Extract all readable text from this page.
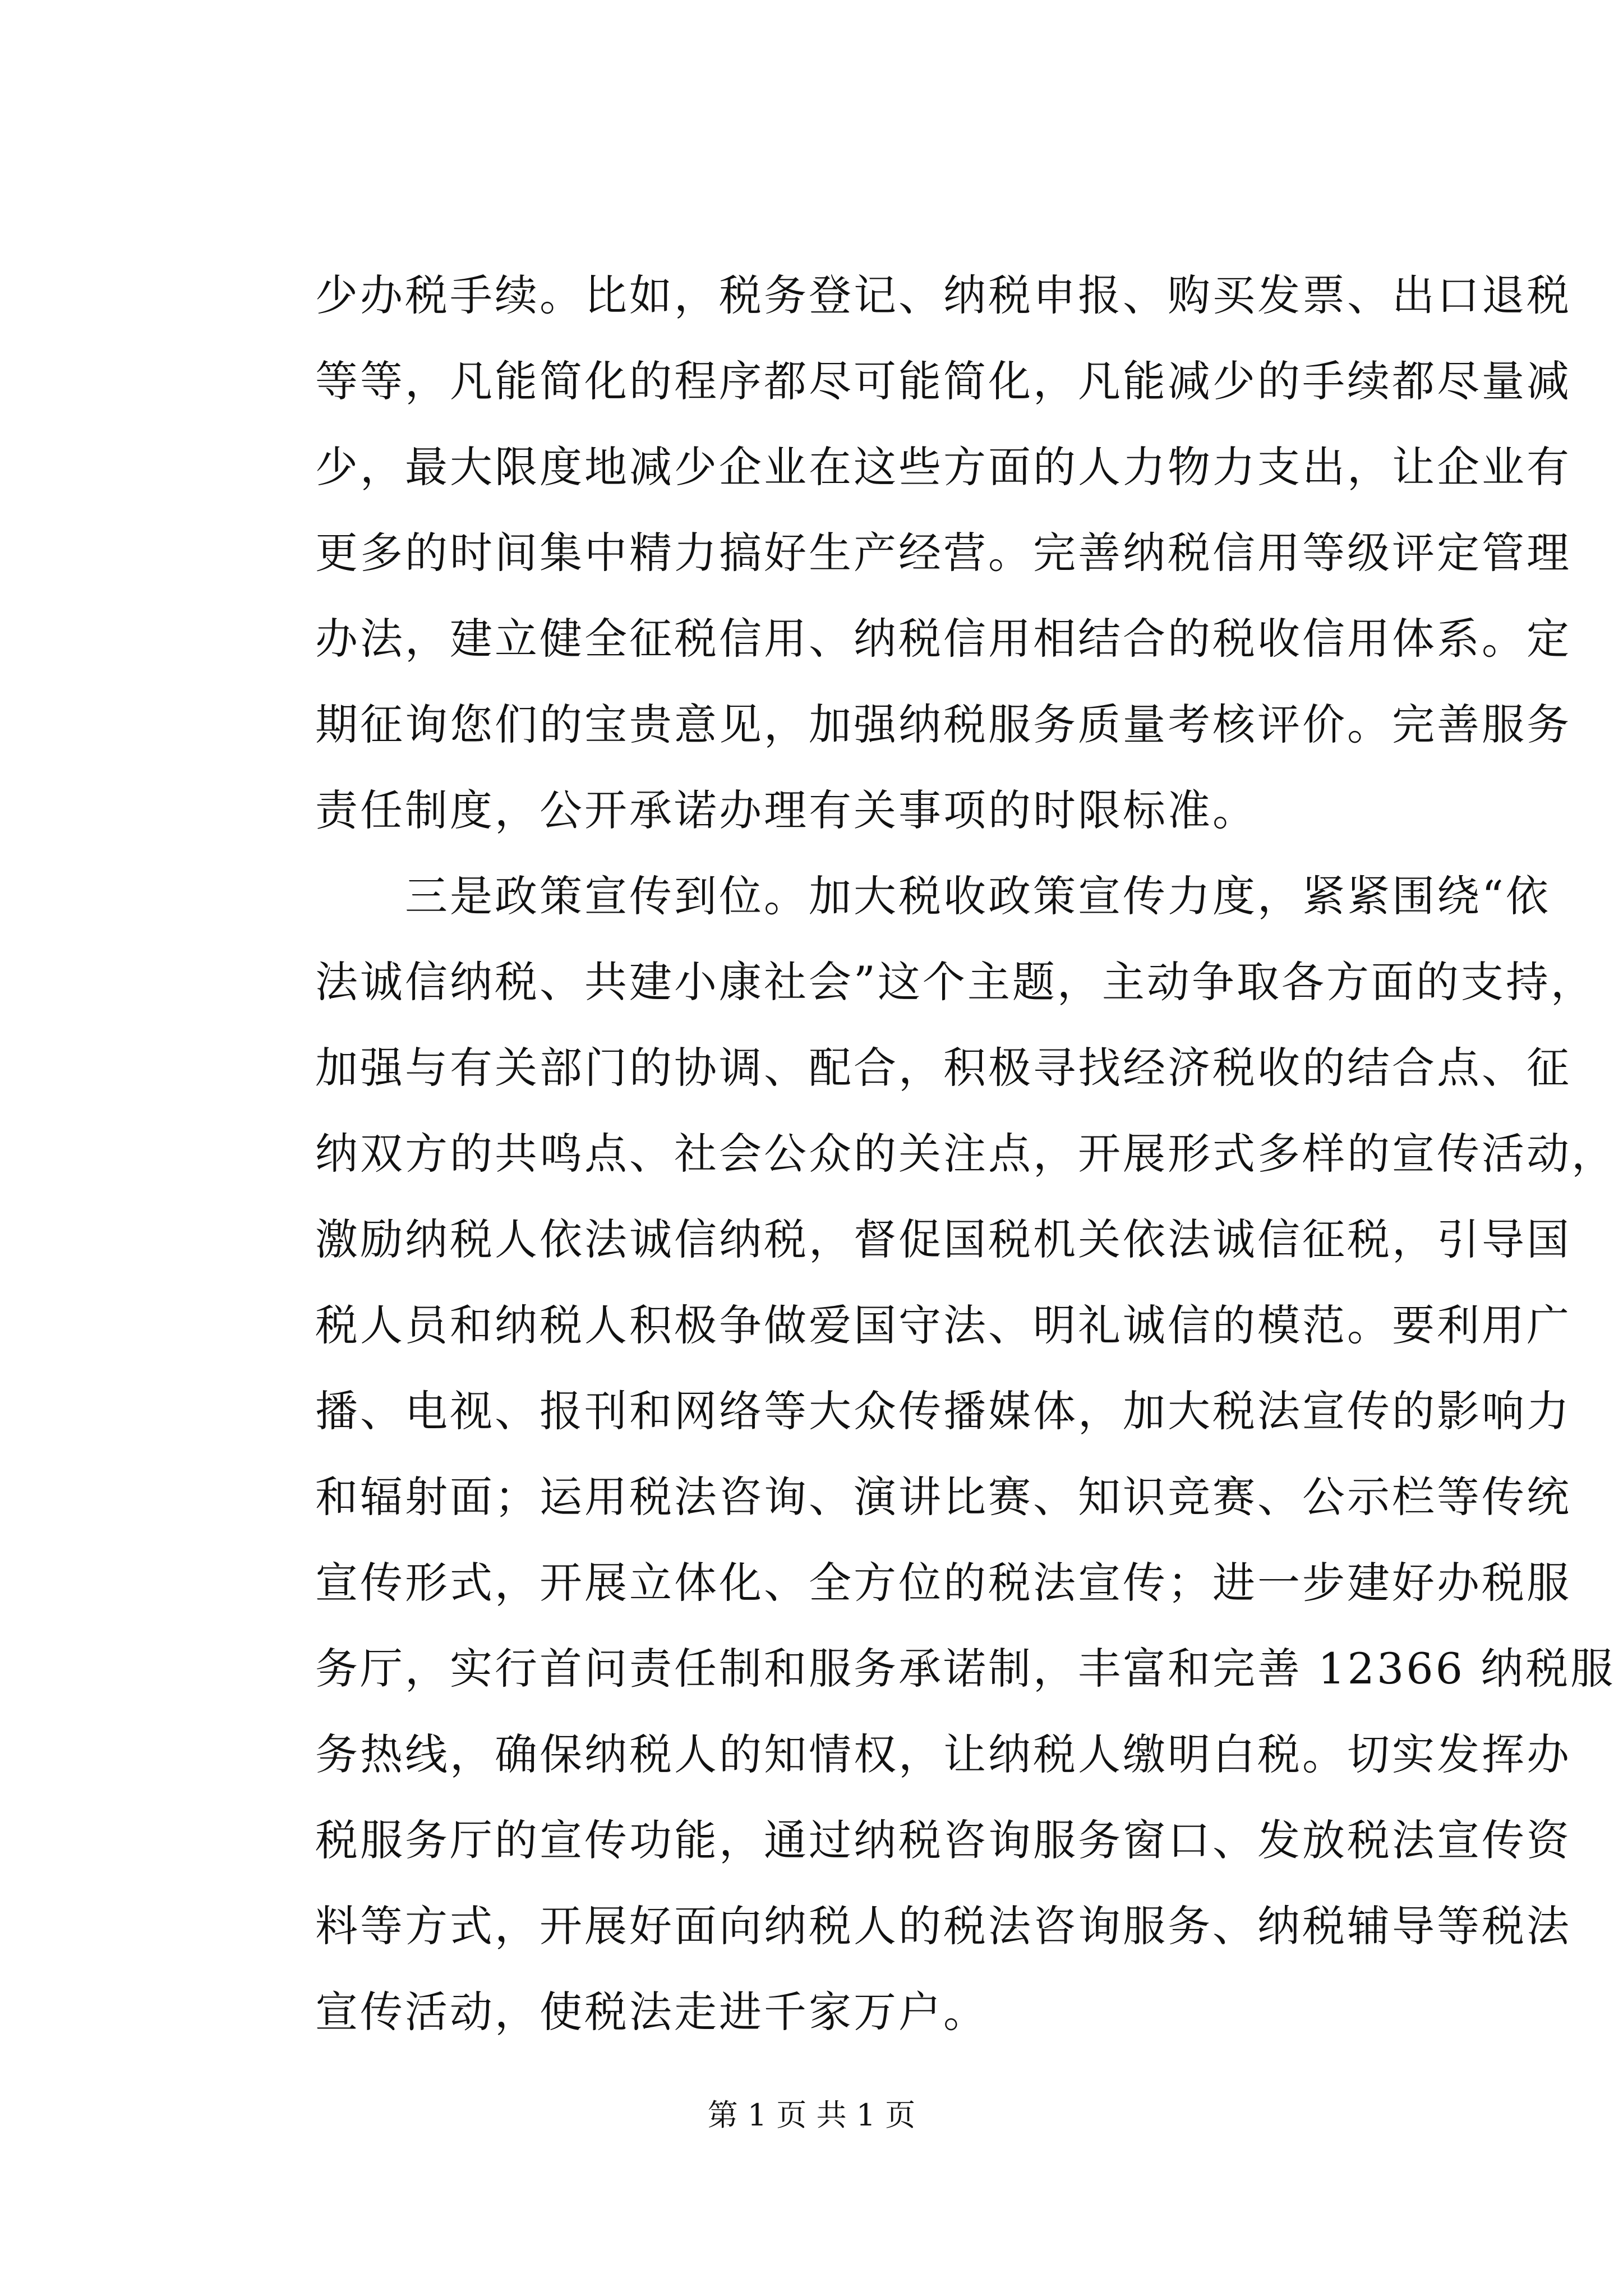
少办税手续。比如，税务登记、纳税申报、购买发票、出口退税
等等，凡能简化的程序都尽可能简化，凡能减少的手续都尽量减
少，最大限度地减少企业在这些方面的人力物力支出，让企业有
更多的时间集中精力搞好生产经营。完善纳税信用等级评定管理
办法，建立健全征税信用、纳税信用相结合的税收信用体系。定
期征询您们的宝贵意见，加强纳税服务质量考核评价。完善服务
责任制度，公开承诺办理有关事项的时限标准。
　　三是政策宣传到位。加大税收政策宣传力度，紧紧围绕“依
法诚信纳税、共建小康社会”这个主题，主动争取各方面的支持，
加强与有关部门的协调、配合，积极寻找经济税收的结合点、征
纳双方的共鸣点、社会公众的关注点，开展形式多样的宣传活动，
激励纳税人依法诚信纳税，督促国税机关依法诚信征税，引导国
税人员和纳税人积极争做爱国守法、明礼诚信的模范。要利用广
播、电视、报刊和网络等大众传播媒体，加大税法宣传的影响力
和辐射面；运用税法咨询、演讲比赛、知识竞赛、公示栏等传统
宣传形式，开展立体化、全方位的税法宣传；进一步建好办税服
务厅，实行首问责任制和服务承诺制，丰富和完善 12366 纳税服
务热线，确保纳税人的知情权，让纳税人缴明白税。切实发挥办
税服务厅的宣传功能，通过纳税咨询服务窗口、发放税法宣传资
料等方式，开展好面向纳税人的税法咨询服务、纳税辅导等税法
宣传活动，使税法走进千家万户。
第 1 页 共 1 页
